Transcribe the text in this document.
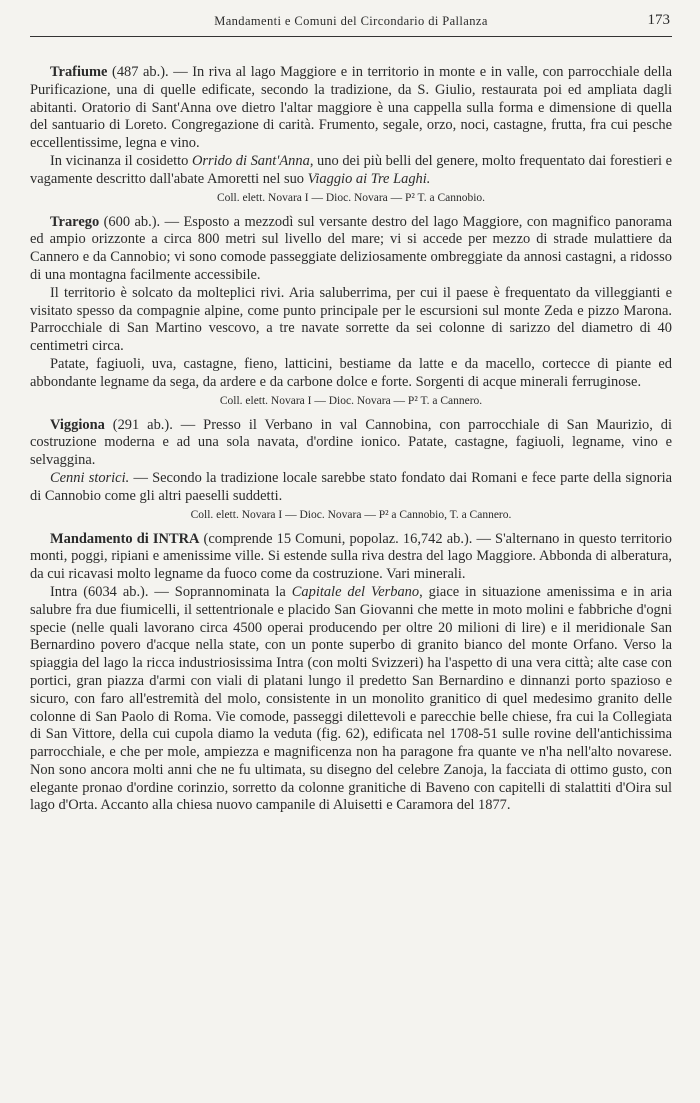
Mandamenti e Comuni del Circondario di Pallanza	173

Trafiume (487 ab.). — In riva al lago Maggiore e in territorio in monte e in valle, con parrocchiale della Purificazione, una di quelle edificate, secondo la tradizione, da S. Giulio, restaurata poi ed ampliata dagli abitanti. Oratorio di Sant'Anna ove dietro l'altar maggiore è una cappella sulla forma e dimensione di quella del santuario di Loreto. Congregazione di carità. Frumento, segale, orzo, noci, castagne, frutta, fra cui pesche eccellentissime, legna e vino.

In vicinanza il cosidetto Orrido di Sant'Anna, uno dei più belli del genere, molto frequentato dai forestieri e vagamente descritto dall'abate Amoretti nel suo Viaggio ai Tre Laghi.

Coll. elett. Novara I — Dioc. Novara — P² T. a Cannobio.

Trarego (600 ab.). — Esposto a mezzodì sul versante destro del lago Maggiore, con magnifico panorama ed ampio orizzonte a circa 800 metri sul livello del mare; vi si accede per mezzo di strade mulattiere da Cannero e da Cannobio; vi sono comode passeggiate deliziosamente ombreggiate da annosi castagni, a ridosso di una montagna facilmente accessibile.

Il territorio è solcato da molteplici rivi. Aria saluberrima, per cui il paese è frequentato da villeggianti e visitato spesso da compagnie alpine, come punto principale per le escursioni sul monte Zeda e pizzo Marona. Parrocchiale di San Martino vescovo, a tre navate sorrette da sei colonne di sarizzo del diametro di 40 centimetri circa.

Patate, fagiuoli, uva, castagne, fieno, latticini, bestiame da latte e da macello, cortecce di piante ed abbondante legname da sega, da ardere e da carbone dolce e forte. Sorgenti di acque minerali ferruginose.

Coll. elett. Novara I — Dioc. Novara — P² T. a Cannero.

Viggiona (291 ab.). — Presso il Verbano in val Cannobina, con parrocchiale di San Maurizio, di costruzione moderna e ad una sola navata, d'ordine ionico. Patate, castagne, fagiuoli, legname, vino e selvaggina.

Cenni storici. — Secondo la tradizione locale sarebbe stato fondato dai Romani e fece parte della signoria di Cannobio come gli altri paeselli suddetti.

Coll. elett. Novara I — Dioc. Novara — P² a Cannobio, T. a Cannero.

Mandamento di INTRA (comprende 15 Comuni, popolaz. 16,742 ab.). — S'alternano in questo territorio monti, poggi, ripiani e amenissime ville. Si estende sulla riva destra del lago Maggiore. Abbonda di alberatura, da cui ricavasi molto legname da fuoco come da costruzione. Vari minerali.

Intra (6034 ab.). — Soprannominata la Capitale del Verbano, giace in situazione amenissima e in aria salubre fra due fiumicelli, il settentrionale e placido San Giovanni che mette in moto molini e fabbriche d'ogni specie (nelle quali lavorano circa 4500 operai producendo per oltre 20 milioni di lire) e il meridionale San Bernardino povero d'acque nella state, con un ponte superbo di granito bianco del monte Orfano. Verso la spiaggia del lago la ricca industriosissima Intra (con molti Svizzeri) ha l'aspetto di una vera città; alte case con portici, gran piazza d'armi con viali di platani lungo il predetto San Bernardino e dinnanzi porto spazioso e sicuro, con faro all'estremità del molo, consistente in un monolito granitico di quel medesimo granito delle colonne di San Paolo di Roma. Vie comode, passeggi dilettevoli e parecchie belle chiese, fra cui la Collegiata di San Vittore, della cui cupola diamo la veduta (fig. 62), edificata nel 1708-51 sulle rovine dell'antichissima parrocchiale, e che per mole, ampiezza e magnificenza non ha paragone fra quante ve n'ha nell'alto novarese. Non sono ancora molti anni che ne fu ultimata, su disegno del celebre Zanoja, la facciata di ottimo gusto, con elegante pronao d'ordine corinzio, sorretto da colonne granitiche di Baveno con capitelli di stalattiti d'Oira sul lago d'Orta. Accanto alla chiesa nuovo campanile di Aluisetti e Caramora del 1877.
